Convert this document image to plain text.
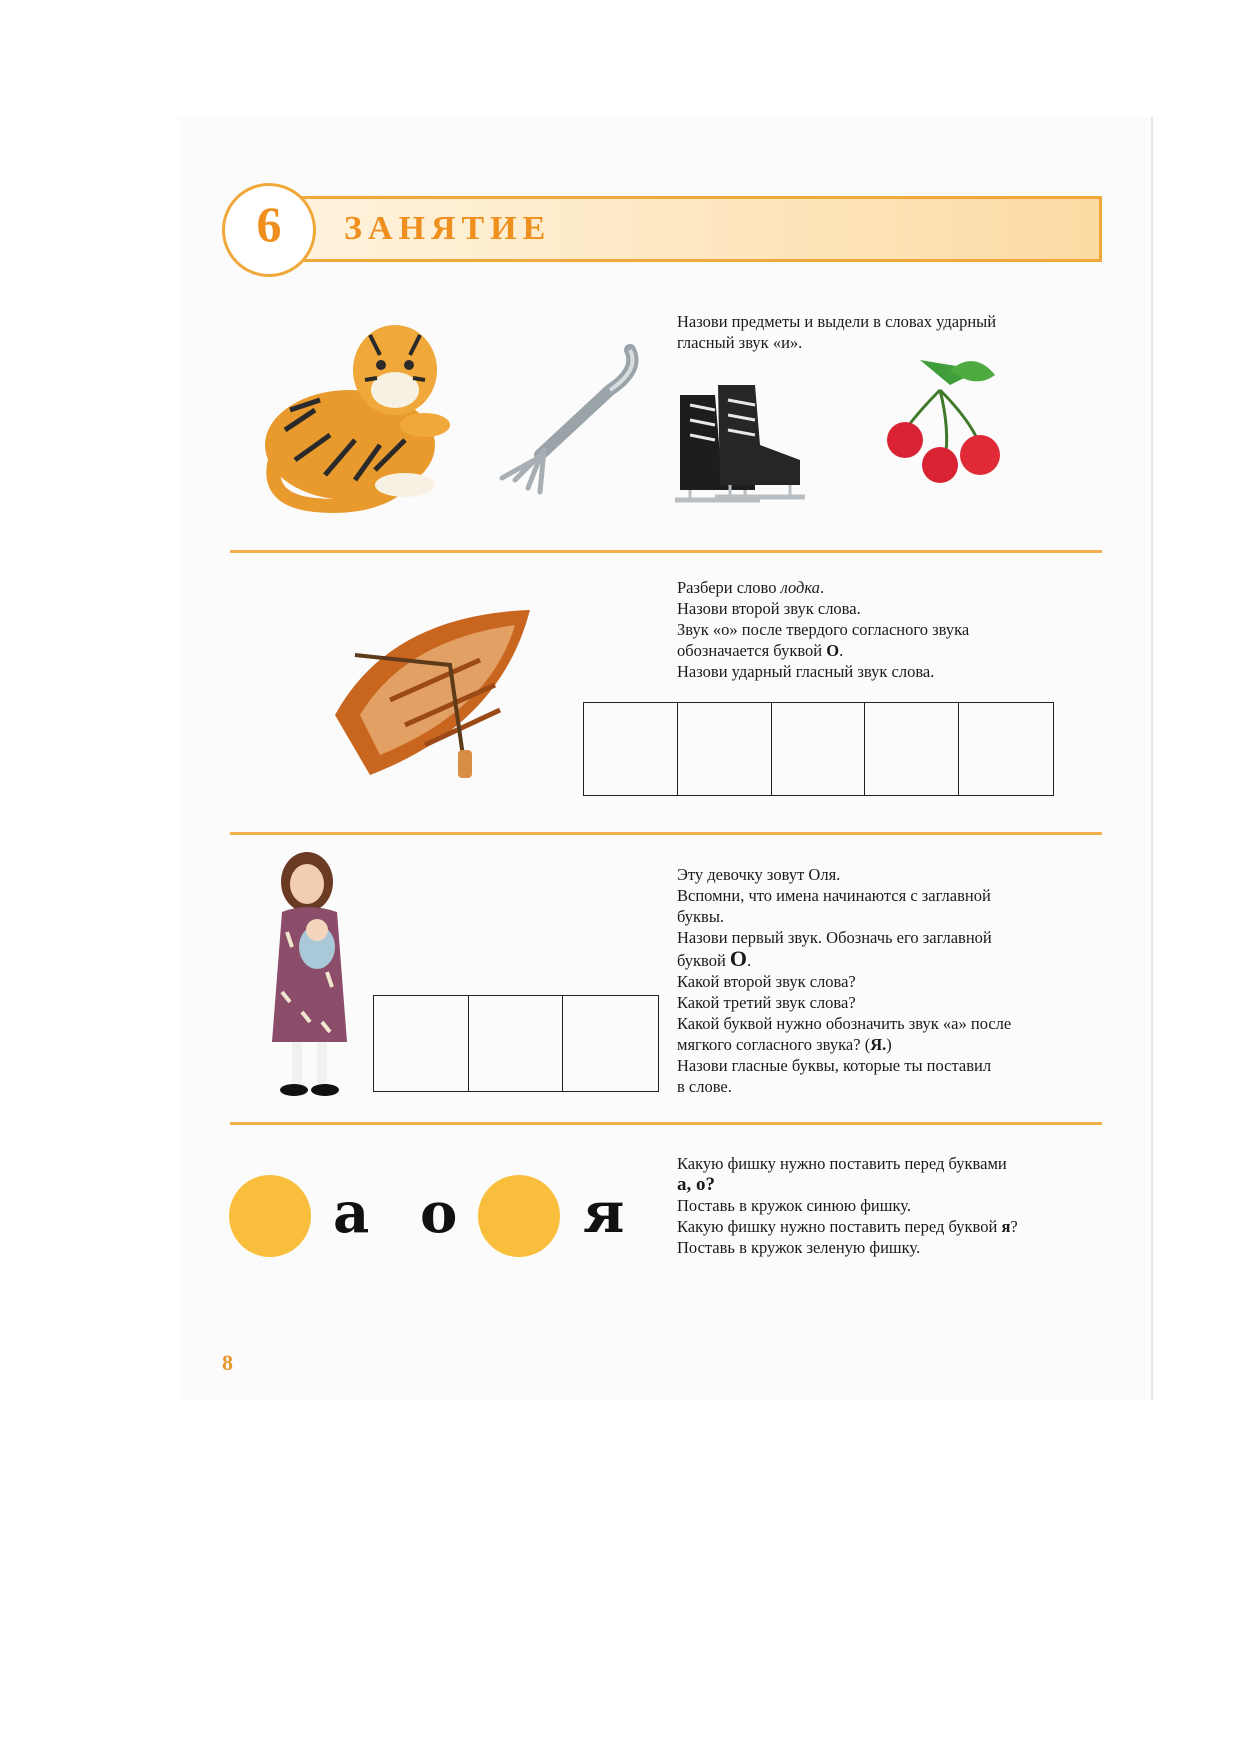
6	ЗАНЯТИЕ

Назови предметы и выдели в словах ударный

гласный звук «и».

Разбери слово лодка.

Назови второй звук слова.

Звук «о» после твердого согласного звука

обозначается буквой О.

Назови ударный гласный звук слова.

Эту девочку зовут Оля.

Вспомни, что имена начинаются с заглавной

буквы.

Назови первый звук. Обозначь его заглавной

буквой О.

Какой второй звук слова?

Какой третий звук слова?

Какой буквой нужно обозначить звук «а» после

мягкого согласного звука? (Я.)

Назови гласные буквы, которые ты поставил

в слове.

а о я

Какую фишку нужно поставить перед буквами

а, о?

Поставь в кружок синюю фишку.

Какую фишку нужно поставить перед буквой я?

Поставь в кружок зеленую фишку.

8
